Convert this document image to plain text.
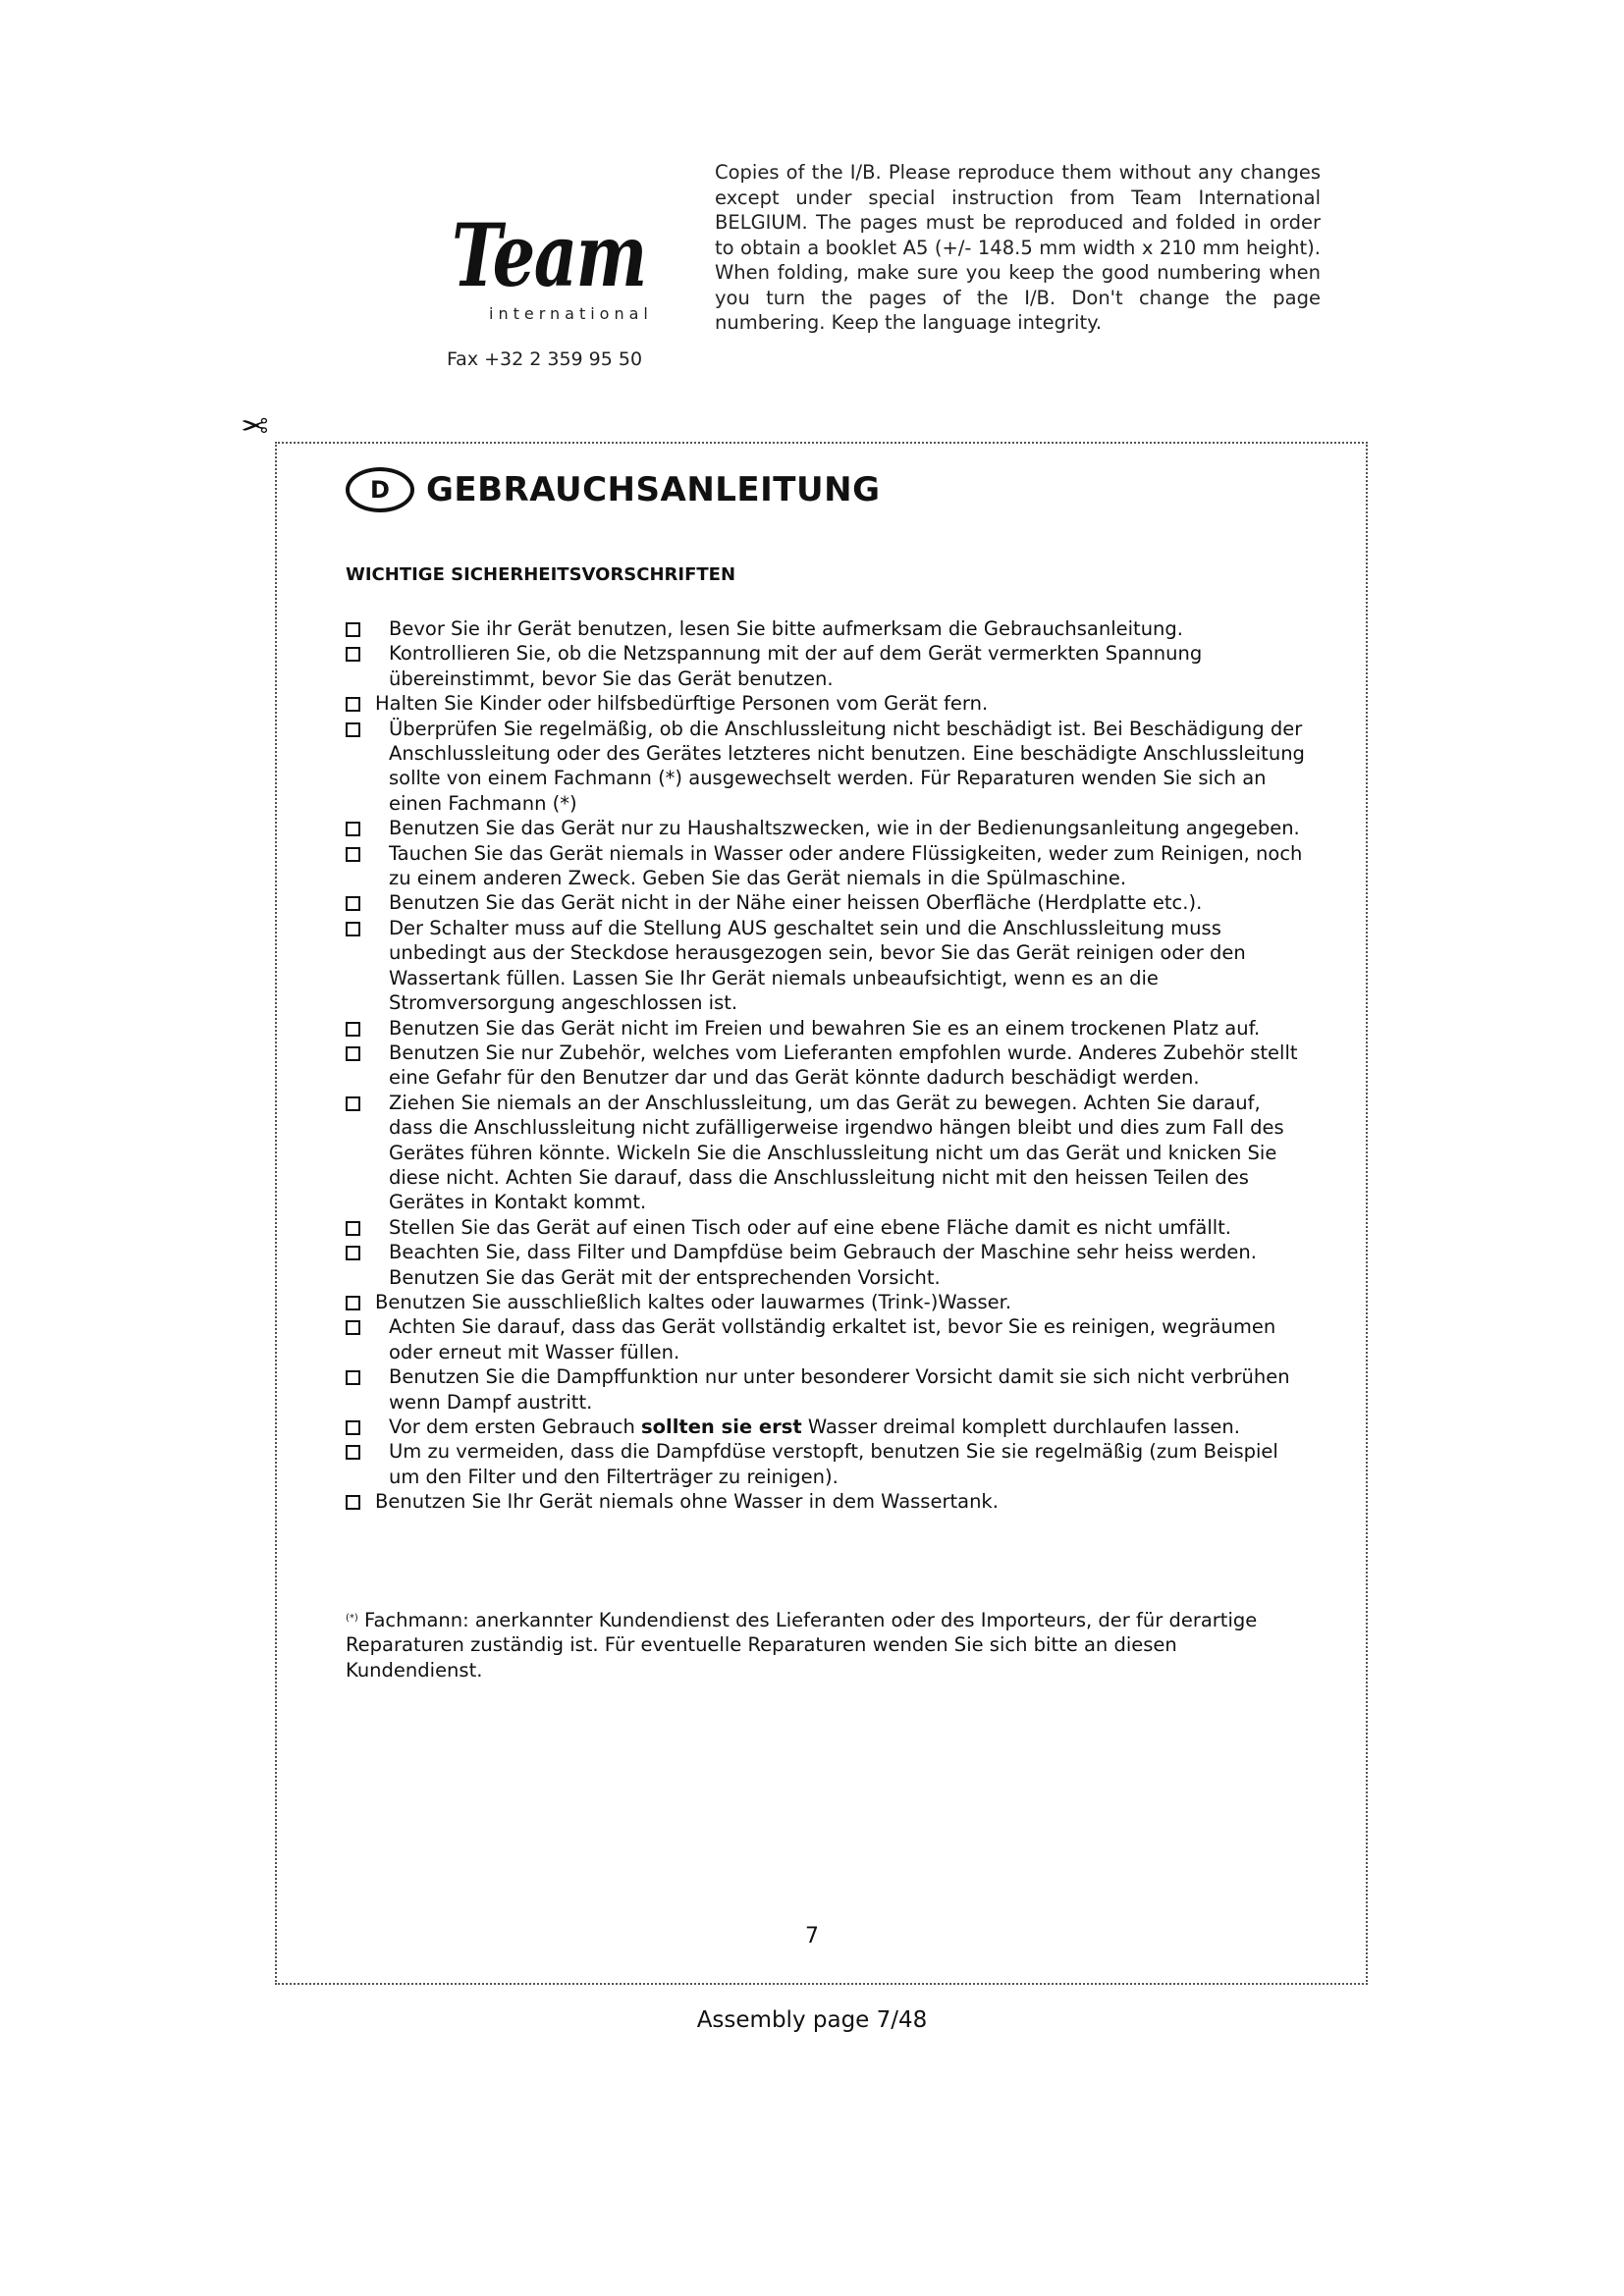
Team
international
Fax +32 2 359 95 50
Copies of the I/B. Please reproduce them without any changes except under special instruction from Team International BELGIUM. The pages must be reproduced and folded in order to obtain a booklet A5 (+/- 148.5 mm width x 210 mm height). When folding, make sure you keep the good numbering when you turn the pages of the I/B. Don't change the page numbering. Keep the language integrity.
✂
D	GEBRAUCHSANLEITUNG
WICHTIGE SICHERHEITSVORSCHRIFTEN
Bevor Sie ihr Gerät benutzen, lesen Sie bitte aufmerksam die Gebrauchsanleitung.
Kontrollieren Sie, ob die Netzspannung mit der auf dem Gerät vermerkten Spannung übereinstimmt, bevor Sie das Gerät benutzen.
Halten Sie Kinder oder hilfsbedürftige Personen vom Gerät fern.
Überprüfen Sie regelmäßig, ob die Anschlussleitung nicht beschädigt ist. Bei Beschädigung der Anschlussleitung oder des Gerätes letzteres nicht benutzen. Eine beschädigte Anschlussleitung sollte von einem Fachmann (*) ausgewechselt werden. Für Reparaturen wenden Sie sich an einen Fachmann (*)
Benutzen Sie das Gerät nur zu Haushaltszwecken, wie in der Bedienungsanleitung angegeben.
Tauchen Sie das Gerät niemals in Wasser oder andere Flüssigkeiten, weder zum Reinigen, noch zu einem anderen Zweck. Geben Sie das Gerät niemals in die Spülmaschine.
Benutzen Sie das Gerät nicht in der Nähe einer heissen Oberfläche (Herdplatte etc.).
Der Schalter muss auf die Stellung AUS geschaltet sein und die Anschlussleitung muss unbedingt aus der Steckdose herausgezogen sein, bevor Sie das Gerät reinigen oder den Wassertank füllen. Lassen Sie Ihr Gerät niemals unbeaufsichtigt, wenn es an die Stromversorgung angeschlossen ist.
Benutzen Sie das Gerät nicht im Freien und bewahren Sie es an einem trockenen Platz auf.
Benutzen Sie nur Zubehör, welches vom Lieferanten empfohlen wurde. Anderes Zubehör stellt eine Gefahr für den Benutzer dar und das Gerät könnte dadurch beschädigt werden.
Ziehen Sie niemals an der Anschlussleitung, um das Gerät zu bewegen. Achten Sie darauf, dass die Anschlussleitung nicht zufälligerweise irgendwo hängen bleibt und dies zum Fall des Gerätes führen könnte. Wickeln Sie die Anschlussleitung nicht um das Gerät und knicken Sie diese nicht. Achten Sie darauf, dass die Anschlussleitung nicht mit den heissen Teilen des Gerätes in Kontakt kommt.
Stellen Sie das Gerät auf einen Tisch oder auf eine ebene Fläche damit es nicht umfällt.
Beachten Sie, dass Filter und Dampfdüse beim Gebrauch der Maschine sehr heiss werden. Benutzen Sie das Gerät mit der entsprechenden Vorsicht.
Benutzen Sie ausschließlich kaltes oder lauwarmes (Trink-)Wasser.
Achten Sie darauf, dass das Gerät vollständig erkaltet ist, bevor Sie es reinigen, wegräumen oder erneut mit Wasser füllen.
Benutzen Sie die Dampffunktion nur unter besonderer Vorsicht damit sie sich nicht verbrühen wenn Dampf austritt.
Vor dem ersten Gebrauch sollten sie erst Wasser dreimal komplett durchlaufen lassen.
Um zu vermeiden, dass die Dampfdüse verstopft, benutzen Sie sie regelmäßig (zum Beispiel um den Filter und den Filterträger zu reinigen).
Benutzen Sie Ihr Gerät niemals ohne Wasser in dem Wassertank.
(*) Fachmann: anerkannter Kundendienst des Lieferanten oder des Importeurs, der für derartige Reparaturen zuständig ist. Für eventuelle Reparaturen wenden Sie sich bitte an diesen Kundendienst.
7
Assembly page 7/48
